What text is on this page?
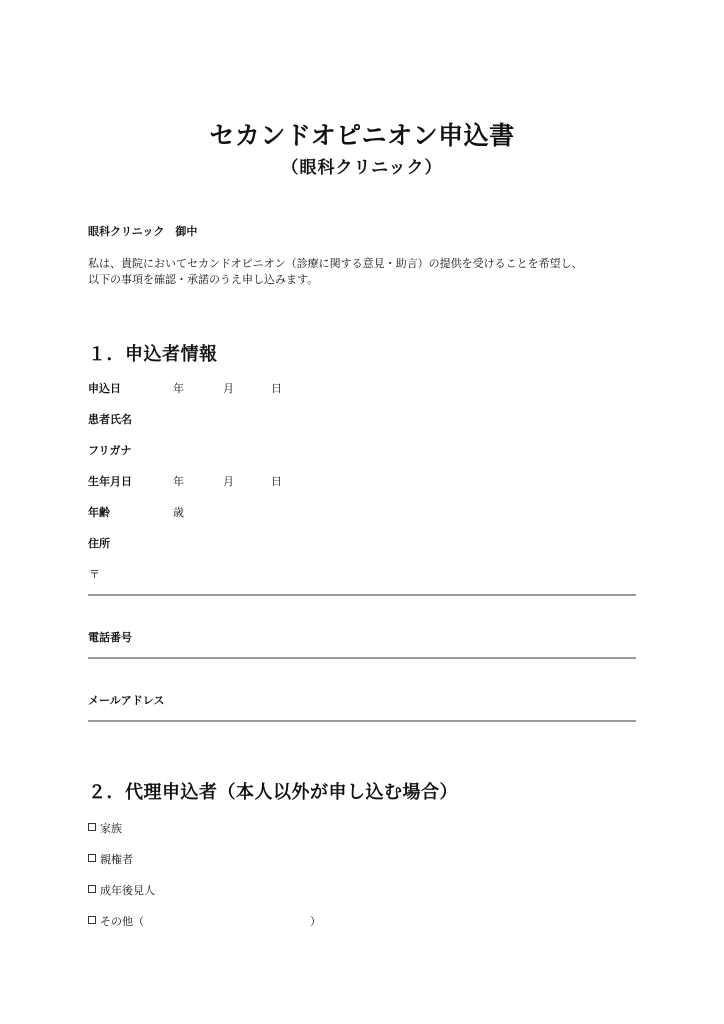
セカンドオピニオン申込書
（眼科クリニック）
眼科クリニック　御中
私は、貴院においてセカンドオピニオン（診療に関する意見・助言）の提供を受けることを希望し、
以下の事項を確認・承諾のうえ申し込みます。
１．申込者情報
申込日	年	月	日
患者氏名
フリガナ
生年月日	年	月	日
年齢	歳
住所
〒
電話番号
メールアドレス
２．代理申込者（本人以外が申し込む場合）
家族
親権者
成年後見人
その他（	）
